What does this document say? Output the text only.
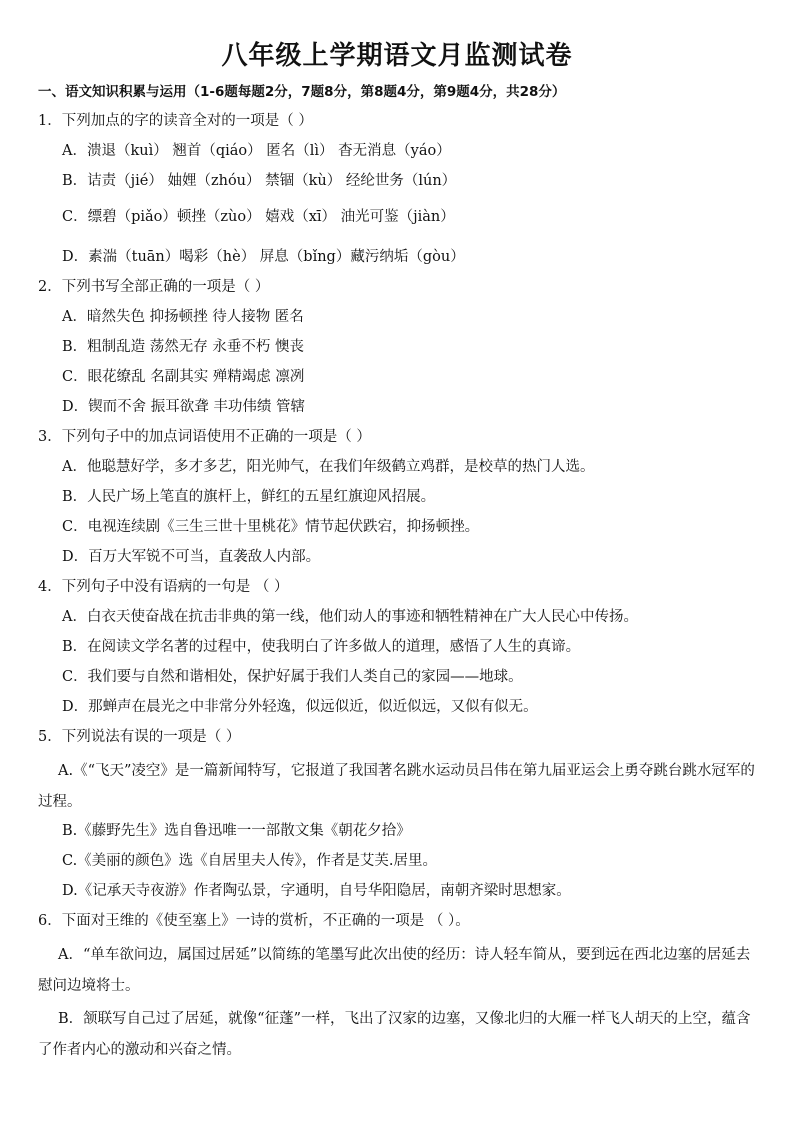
八年级上学期语文月监测试卷
一、语文知识积累与运用（1-6题每题2分，7题8分，第8题4分，第9题4分，共28分）
1．下列加点的字的读音全对的一项是（ ）
A．溃退（kuì） 翘首（qiáo） 匿名（lì） 杳无消息（yáo）
B．诘责（jié） 妯娌（zhóu） 禁锢（kù） 经纶世务（lún）
C．缥碧（piǎo）顿挫（zùo） 嬉戏（xī） 油光可鉴（jiàn）
D．素湍（tuān）喝彩（hè） 屏息（bǐng）藏污纳垢（gòu）
2．下列书写全部正确的一项是（ ）
A．暗然失色 抑扬顿挫 待人接物 匿名
B．粗制乱造 荡然无存 永垂不朽 懊丧
C．眼花缭乱 名副其实 殚精竭虑 凛冽
D．锲而不舍 振耳欲聋 丰功伟绩 管辖
3．下列句子中的加点词语使用不正确的一项是（ ）
A．他聪慧好学，多才多艺，阳光帅气，在我们年级鹤立鸡群，是校草的热门人选。
B．人民广场上笔直的旗杆上，鲜红的五星红旗迎风招展。
C．电视连续剧《三生三世十里桃花》情节起伏跌宕，抑扬顿挫。
D．百万大军锐不可当，直袭敌人内部。
4．下列句子中没有语病的一句是 （ ）
A．白衣天使奋战在抗击非典的第一线，他们动人的事迹和牺牲精神在广大人民心中传扬。
B．在阅读文学名著的过程中，使我明白了许多做人的道理，感悟了人生的真谛。
C．我们要与自然和谐相处，保护好属于我们人类自己的家园——地球。
D．那蝉声在晨光之中非常分外轻逸，似远似近，似近似远，又似有似无。
5．下列说法有误的一项是（ ）
A.《“飞天”凌空》是一篇新闻特写，它报道了我国著名跳水运动员吕伟在第九届亚运会上勇夺跳台跳水冠军的过程。
B.《藤野先生》选自鲁迅唯一一部散文集《朝花夕拾》
C.《美丽的颜色》选《自居里夫人传》，作者是艾芙.居里。
D.《记承天寺夜游》作者陶弘景，字通明，自号华阳隐居，南朝齐梁时思想家。
6．下面对王维的《使至塞上》一诗的赏析，不正确的一项是 （ ）。
A．“单车欲问边，属国过居延”以简练的笔墨写此次出使的经历：诗人轻车简从，要到远在西北边塞的居延去慰问边境将士。
B．颔联写自己过了居延，就像“征蓬”一样，飞出了汉家的边塞，又像北归的大雁一样飞人胡天的上空，蕴含了作者内心的激动和兴奋之情。
